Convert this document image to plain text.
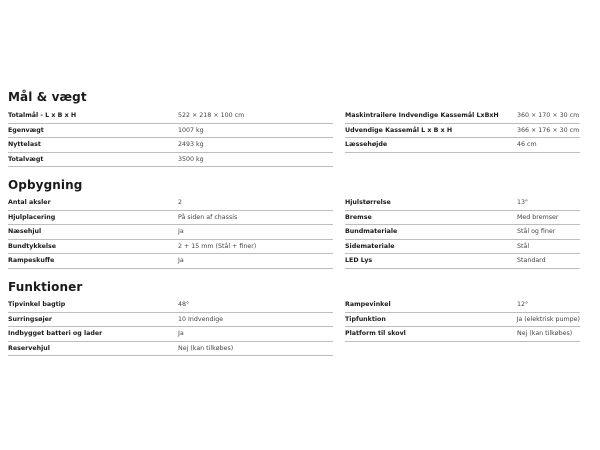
Mål & vægt
Totalmål - L x B x H	522 × 218 × 100 cm
Egenvægt	1007 kg
Nyttelast	2493 kg
Totalvægt	3500 kg
Maskintrailere Indvendige Kassemål LxBxH	360 × 170 × 30 cm
Udvendige Kassemål L x B x H	366 × 176 × 30 cm
Læssehøjde	46 cm
Opbygning
Antal aksler	2
Hjulplacering	På siden af chassis
Næsehjul	Ja
Bundtykkelse	2 + 15 mm (Stål + finer)
Rampeskuffe	Ja
Hjulstørrelse	13"
Bremse	Med bremser
Bundmateriale	Stål og finer
Sidemateriale	Stål
LED Lys	Standard
Funktioner
Tipvinkel bagtip	48°
Surringsøjer	10 Indvendige
Indbygget batteri og lader	Ja
Reservehjul	Nej (kan tilkøbes)
Rampevinkel	12°
Tipfunktion	Ja (elektrisk pumpe)
Platform til skovl	Nej (kan tilkøbes)
